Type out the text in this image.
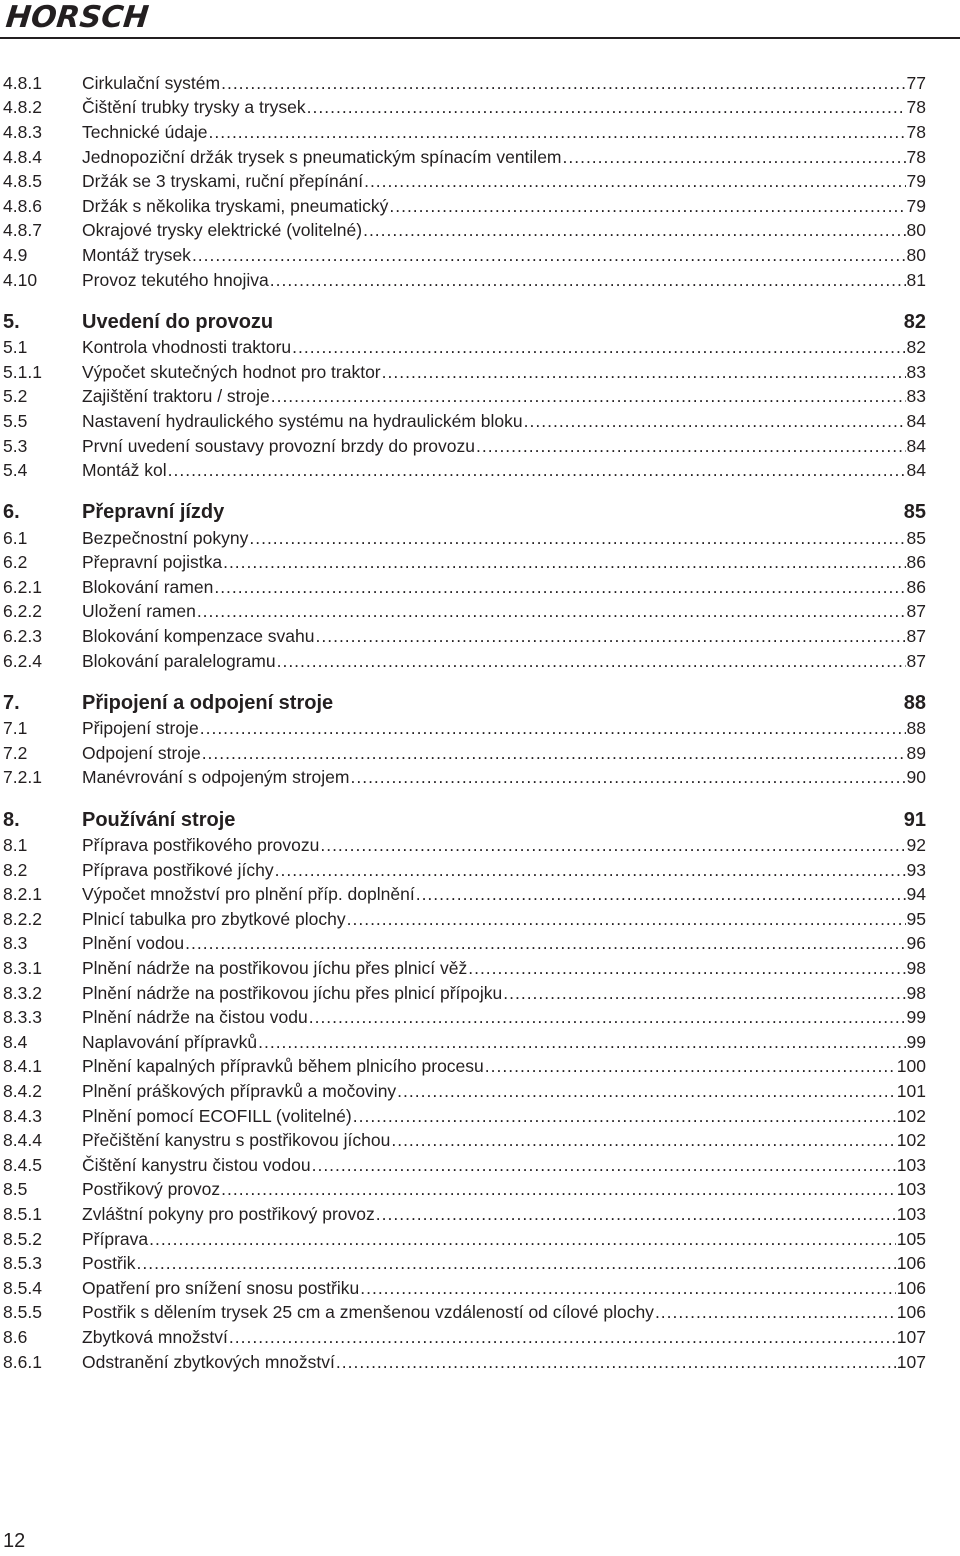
HORSCH
4.8.1 Cirkulační systém .....	77
4.8.2 Čištění trubky trysky a trysek .....	78
4.8.3 Technické údaje .....	78
4.8.4 Jednopoziční držák trysek s pneumatickým spínacím ventilem .....	78
4.8.5 Držák se 3 tryskami, ruční přepínání .....	79
4.8.6 Držák s několika tryskami, pneumatický .....	79
4.8.7 Okrajové trysky elektrické (volitelné) .....	80
4.9	Montáž trysek .....	80
4.10	Provoz tekutého hnojiva .....	81
5.	Uvedení do provozu	82
5.1	Kontrola vhodnosti traktoru .....	82
5.1.1 Výpočet skutečných hodnot pro traktor .....	83
5.2	Zajištění traktoru / stroje .....	83
5.5	Nastavení hydraulického systému na hydraulickém bloku .....	84
5.3	První uvedení soustavy provozní brzdy do provozu .....	84
5.4	Montáž kol .....	84
6.	Přepravní jízdy	85
6.1	Bezpečnostní pokyny .....	85
6.2	Přepravní pojistka .....	86
6.2.1 Blokování ramen .....	86
6.2.2 Uložení ramen .....	87
6.2.3 Blokování kompenzace svahu .....	87
6.2.4 Blokování paralelogramu .....	87
7.	Připojení a odpojení stroje	88
7.1	Připojení stroje .....	88
7.2	Odpojení stroje .....	89
7.2.1 Manévrování s odpojeným strojem .....	90
8.	Používání stroje	91
8.1	Příprava postřikového provozu .....	92
8.2	Příprava postřikové jíchy .....	93
8.2.1 Výpočet množství pro plnění příp. doplnění .....	94
8.2.2 Plnicí tabulka pro zbytkové plochy .....	95
8.3	Plnění vodou .....	96
8.3.1 Plnění nádrže na postřikovou jíchu přes plnicí věž .....	98
8.3.2 Plnění nádrže na postřikovou jíchu přes plnicí přípojku .....	98
8.3.3 Plnění nádrže na čistou vodu .....	99
8.4	Naplavování přípravků .....	99
8.4.1 Plnění kapalných přípravků během plnicího procesu .....	100
8.4.2 Plnění práškových přípravků a močoviny .....	101
8.4.3 Plnění pomocí ECOFILL (volitelné) .....	102
8.4.4 Přečištění kanystru s postřikovou jíchou .....	102
8.4.5 Čištění kanystru čistou vodou .....	103
8.5	Postřikový provoz .....	103
8.5.1 Zvláštní pokyny pro postřikový provoz .....	103
8.5.2 Příprava .....	105
8.5.3 Postřik .....	106
8.5.4 Opatření pro snížení snosu postřiku .....	106
8.5.5 Postřik s dělením trysek 25 cm a zmenšenou vzdáleností od cílové plochy .....	106
8.6	Zbytková množství .....	107
8.6.1 Odstranění zbytkových množství .....	107
12
